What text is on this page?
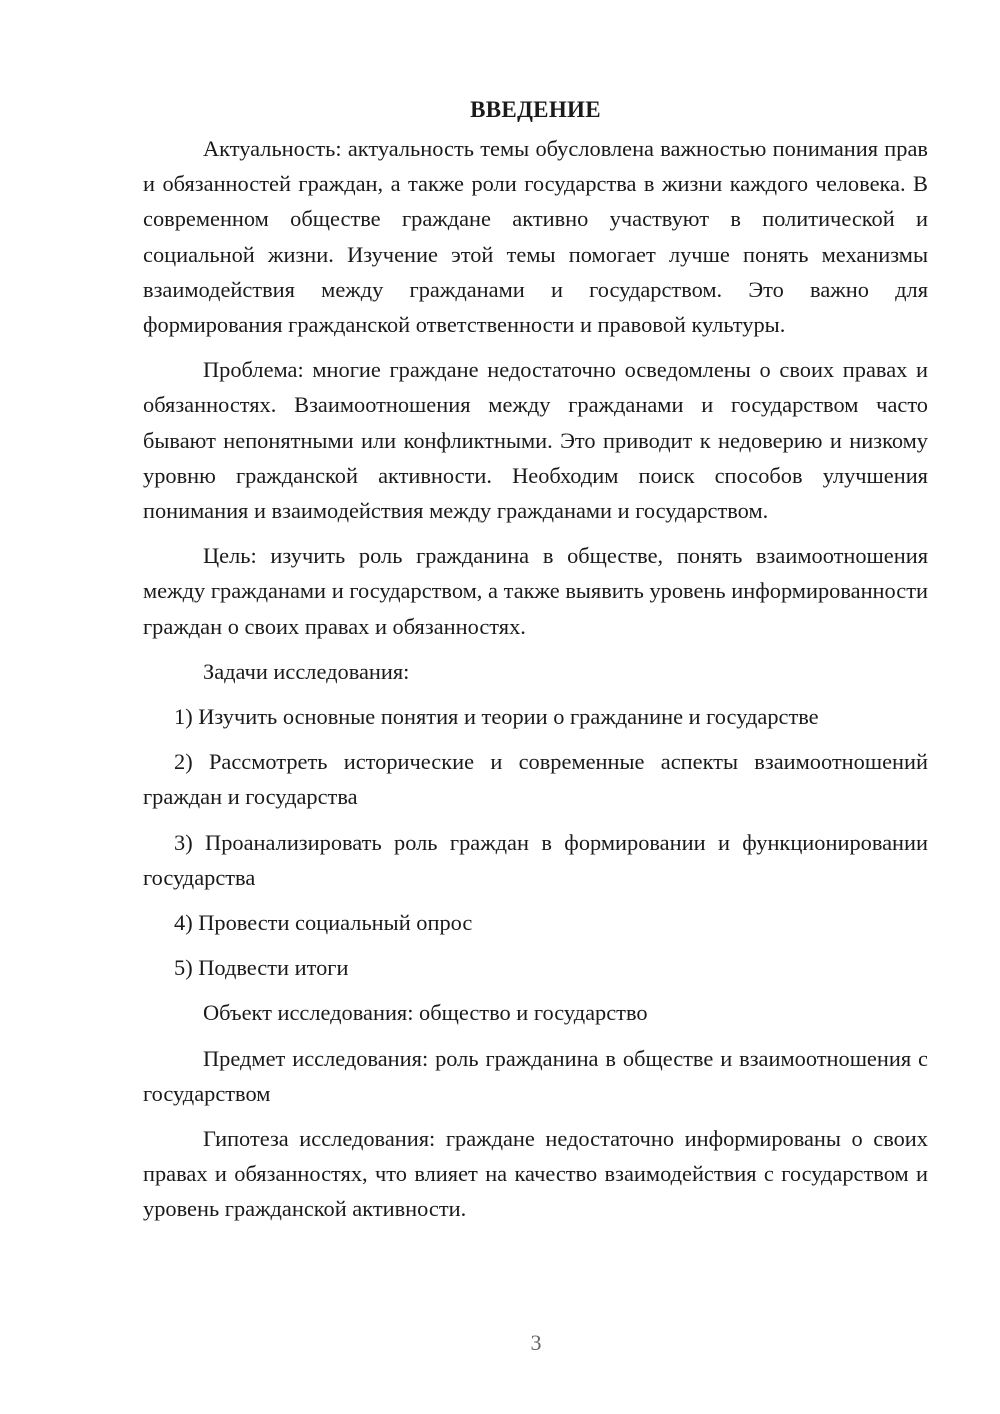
ВВЕДЕНИЕ

Актуальность: актуальность темы обусловлена важностью понимания прав и обязанностей граждан, а также роли государства в жизни каждого человека. В современном обществе граждане активно участвуют в политической и социальной жизни. Изучение этой темы помогает лучше понять механизмы взаимодействия между гражданами и государством. Это важно для формирования гражданской ответственности и правовой культуры.

Проблема: многие граждане недостаточно осведомлены о своих правах и обязанностях. Взаимоотношения между гражданами и государством часто бывают непонятными или конфликтными. Это приводит к недоверию и низкому уровню гражданской активности. Необходим поиск способов улучшения понимания и взаимодействия между гражданами и государством.

Цель: изучить роль гражданина в обществе, понять взаимоотношения между гражданами и государством, а также выявить уровень информированности граждан о своих правах и обязанностях.

Задачи исследования:

1) Изучить основные понятия и теории о гражданине и государстве

2) Рассмотреть исторические и современные аспекты взаимоотношений граждан и государства

3) Проанализировать роль граждан в формировании и функционировании государства

4) Провести социальный опрос

5) Подвести итоги

Объект исследования: общество и государство

Предмет исследования: роль гражданина в обществе и взаимоотношения с государством

Гипотеза исследования: граждане недостаточно информированы о своих правах и обязанностях, что влияет на качество взаимодействия с государством и уровень гражданской активности.

3
